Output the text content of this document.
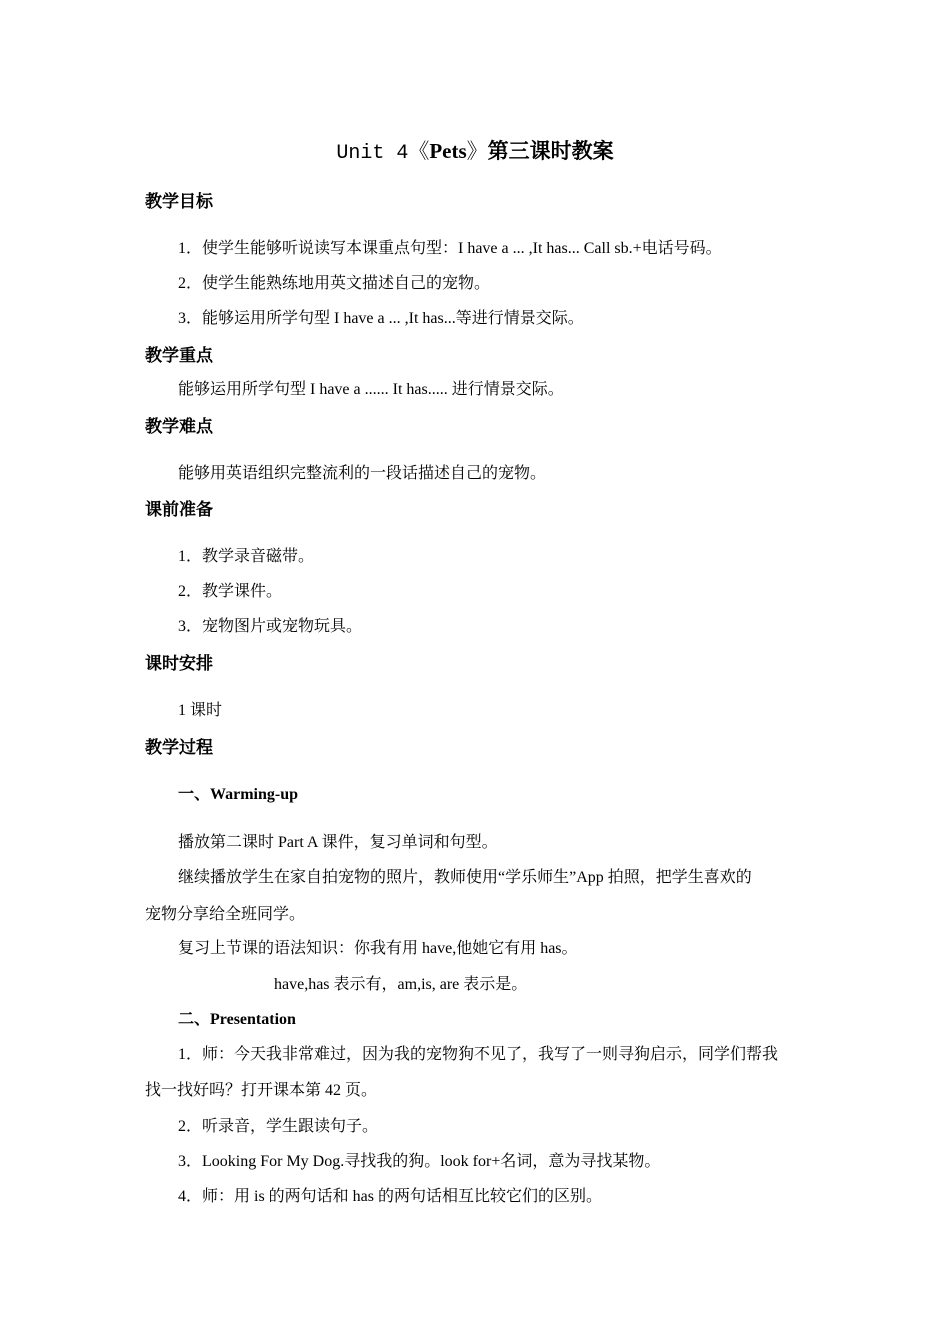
Unit 4《Pets》第三课时教案
教学目标
1．使学生能够听说读写本课重点句型：I have a ... ,It has... Call sb.+电话号码。
2．使学生能熟练地用英文描述自己的宠物。
3．能够运用所学句型 I have a ... ,It has...等进行情景交际。
教学重点
能够运用所学句型 I have a ...... It has..... 进行情景交际。
教学难点
能够用英语组织完整流利的一段话描述自己的宠物。
课前准备
1．教学录音磁带。
2．教学课件。
3．宠物图片或宠物玩具。
课时安排
1 课时
教学过程
一、Warming-up
播放第二课时 Part A 课件，复习单词和句型。
继续播放学生在家自拍宠物的照片，教师使用“学乐师生”App 拍照，把学生喜欢的
宠物分享给全班同学。
复习上节课的语法知识：你我有用 have,他她它有用 has。
have,has 表示有，am,is, are 表示是。
二、Presentation
1．师：今天我非常难过，因为我的宠物狗不见了，我写了一则寻狗启示，同学们帮我
找一找好吗？打开课本第 42 页。
2．听录音，学生跟读句子。
3．Looking For My Dog.寻找我的狗。look for+名词，意为寻找某物。
4．师：用 is 的两句话和 has 的两句话相互比较它们的区别。
